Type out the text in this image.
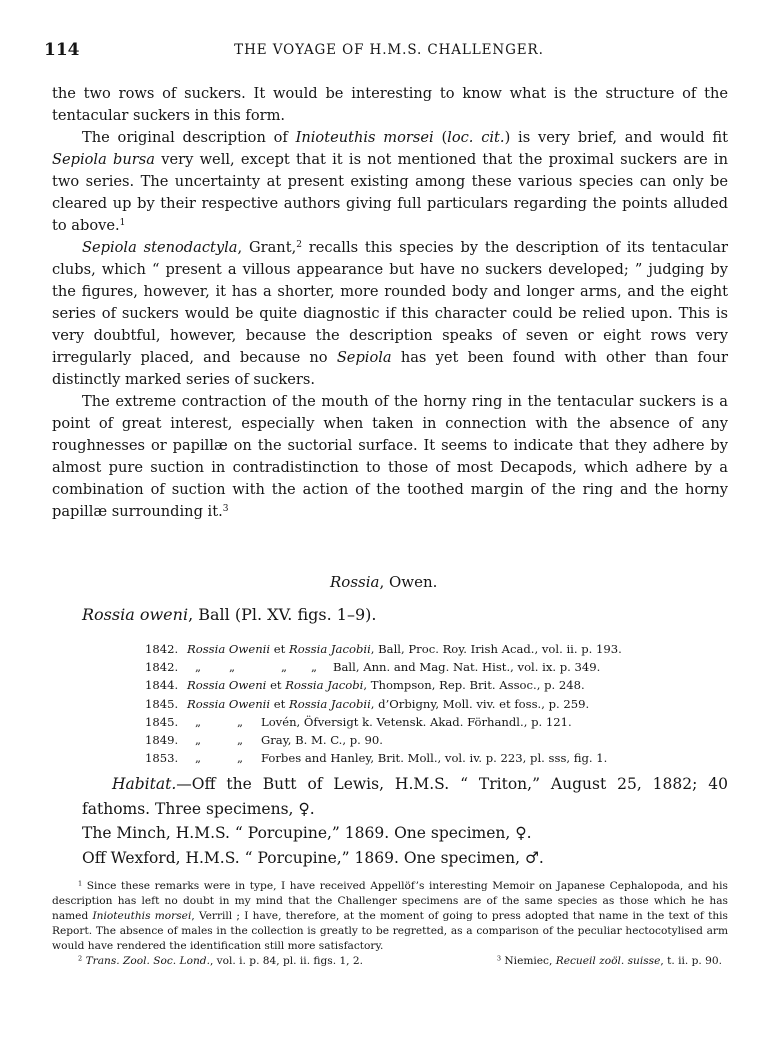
114	THE VOYAGE OF H.M.S. CHALLENGER.

the two rows of suckers. It would be interesting to know what is the structure of the tentacular suckers in this form.

The original description of Inioteuthis morsei (loc. cit.) is very brief, and would fit Sepiola bursa very well, except that it is not mentioned that the proximal suckers are in two series. The uncertainty at present existing among these various species can only be cleared up by their respective authors giving full particulars regarding the points alluded to above.$^1$

Sepiola stenodactyla, Grant,$^2$ recalls this species by the description of its tentacular clubs, which “ present a villous appearance but have no suckers developed; ” judging by the figures, however, it has a shorter, more rounded body and longer arms, and the eight series of suckers would be quite diagnostic if this character could be relied upon. This is very doubtful, however, because the description speaks of seven or eight rows very irregularly placed, and because no Sepiola has yet been found with other than four distinctly marked series of suckers.

The extreme contraction of the mouth of the horny ring in the tentacular suckers is a point of great interest, especially when taken in connection with the absence of any roughnesses or papillæ on the suctorial surface. It seems to indicate that they adhere by almost pure suction in contradistinction to those of most Decapods, which adhere by a combination of suction with the action of the toothed margin of the ring and the horny papillæ surrounding it.$^3$

Rossia, Owen.
Rossia oweni, Ball (Pl. XV. figs. 1–9).
1842. Rossia Owenii et Rossia Jacobii, Ball, Proc. Roy. Irish Acad., vol. ii. p. 193.
1842.	„ „	„ „ Ball, Ann. and Mag. Nat. Hist., vol. ix. p. 349.
1844. Rossia Oweni et Rossia Jacobi, Thompson, Rep. Brit. Assoc., p. 248.
1845. Rossia Owenii et Rossia Jacobii, d’Orbigny, Moll. viv. et foss., p. 259.
1845.	„	„ Lovén, Öfversigt k. Vetensk. Akad. Förhandl., p. 121.
1849.	„	„ Gray, B. M. C., p. 90.
1853.	„	„ Forbes and Hanley, Brit. Moll., vol. iv. p. 223, pl. sss, fig. 1.

Habitat.—Off the Butt of Lewis, H.M.S. “ Triton,” August 25, 1882; 40 fathoms. Three specimens, ♀.

The Minch, H.M.S. “ Porcupine,” 1869. One specimen, ♀.

Off Wexford, H.M.S. “ Porcupine,” 1869. One specimen, ♂.

$^1$ Since these remarks were in type, I have received Appellöf’s interesting Memoir on Japanese Cephalopoda, and his description has left no doubt in my mind that the Challenger specimens are of the same species as those which he has named Inioteuthis morsei, Verrill ; I have, therefore, at the moment of going to press adopted that name in the text of this Report. The absence of males in the collection is greatly to be regretted, as a comparison of the peculiar hectocotylised arm would have rendered the identification still more satisfactory.

$^2$ Trans. Zool. Soc. Lond., vol. i. p. 84, pl. ii. figs. 1, 2.	$^3$ Niemiec, Recueil zoöl. suisse, t. ii. p. 90.
